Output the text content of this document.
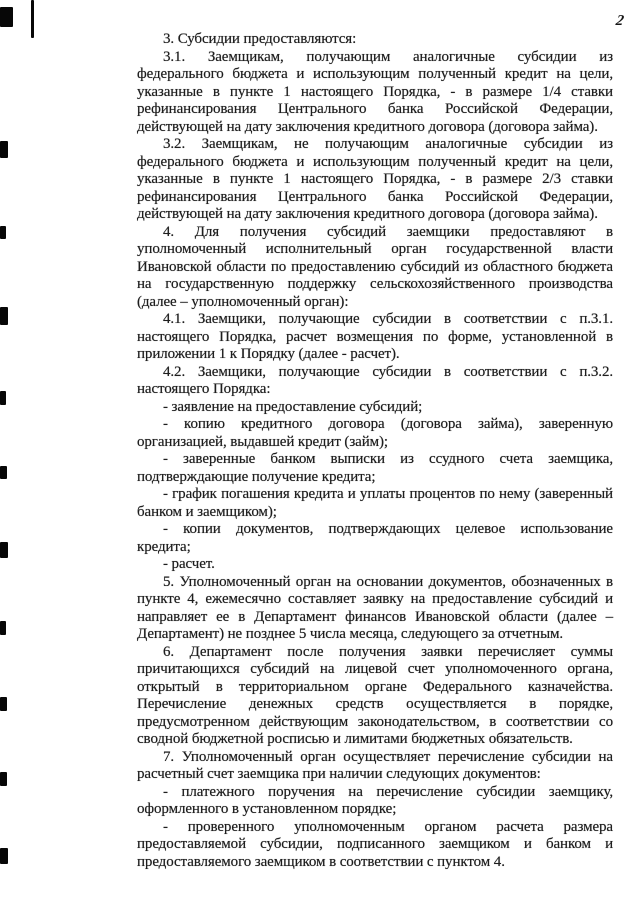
2
3. Субсидии предоставляются:
3.1. Заемщикам, получающим аналогичные субсидии из
федерального бюджета и использующим полученный кредит на цели,
указанные в пункте 1 настоящего Порядка, - в размере 1/4 ставки
рефинансирования Центрального банка Российской Федерации,
действующей на дату заключения кредитного договора (договора займа).
3.2. Заемщикам, не получающим аналогичные субсидии из
федерального бюджета и использующим полученный кредит на цели,
указанные в пункте 1 настоящего Порядка, - в размере 2/3 ставки
рефинансирования Центрального банка Российской Федерации,
действующей на дату заключения кредитного договора (договора займа).
4. Для получения субсидий заемщики предоставляют в
уполномоченный исполнительный орган государственной власти
Ивановской области по предоставлению субсидий из областного бюджета
на государственную поддержку сельскохозяйственного производства
(далее – уполномоченный орган):
4.1. Заемщики, получающие субсидии в соответствии с п.3.1.
настоящего Порядка, расчет возмещения по форме, установленной в
приложении 1 к Порядку (далее - расчет).
4.2. Заемщики, получающие субсидии в соответствии с п.3.2.
настоящего Порядка:
- заявление на предоставление субсидий;
- копию кредитного договора (договора займа), заверенную
организацией, выдавшей кредит (займ);
- заверенные банком выписки из ссудного счета заемщика,
подтверждающие получение кредита;
- график погашения кредита и уплаты процентов по нему (заверенный
банком и заемщиком);
- копии документов, подтверждающих целевое использование
кредита;
- расчет.
5. Уполномоченный орган на основании документов, обозначенных в
пункте 4, ежемесячно составляет заявку на предоставление субсидий и
направляет ее в Департамент финансов Ивановской области (далее –
Департамент) не позднее 5 числа месяца, следующего за отчетным.
6. Департамент после получения заявки перечисляет суммы
причитающихся субсидий на лицевой счет уполномоченного органа,
открытый в территориальном органе Федерального казначейства.
Перечисление денежных средств осуществляется в порядке,
предусмотренном действующим законодательством, в соответствии со
сводной бюджетной росписью и лимитами бюджетных обязательств.
7. Уполномоченный орган осуществляет перечисление субсидии на
расчетный счет заемщика при наличии следующих документов:
- платежного поручения на перечисление субсидии заемщику,
оформленного в установленном порядке;
- проверенного уполномоченным органом расчета размера
предоставляемой субсидии, подписанного заемщиком и банком и
предоставляемого заемщиком в соответствии с пунктом 4.
